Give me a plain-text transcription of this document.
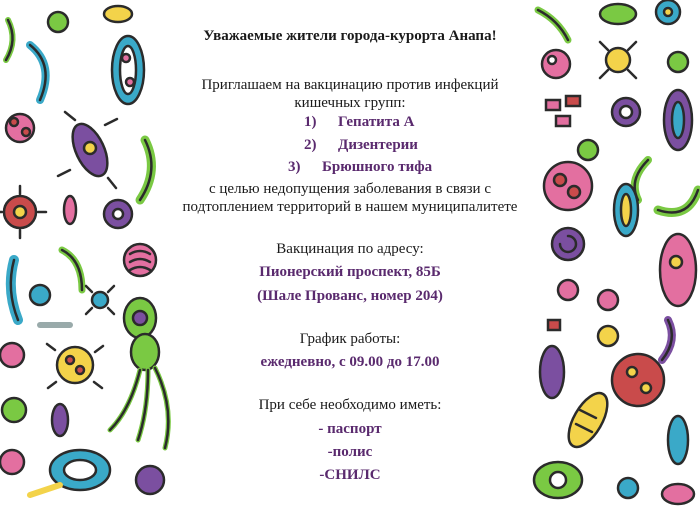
Уважаемые жители города-курорта Анапа!
Приглашаем на вакцинацию против инфекций
кишечных групп:
1) Гепатита А
2) Дизентерии
3) Брюшного тифа
с целью недопущения заболевания в связи с
подтоплением территорий в нашем муниципалитете
Вакцинация по адресу:
Пионерский проспект, 85Б
(Шале Прованс, номер 204)
График работы:
ежедневно, с 09.00 до 17.00
При себе необходимо иметь:
- паспорт
-полис
-СНИЛС
